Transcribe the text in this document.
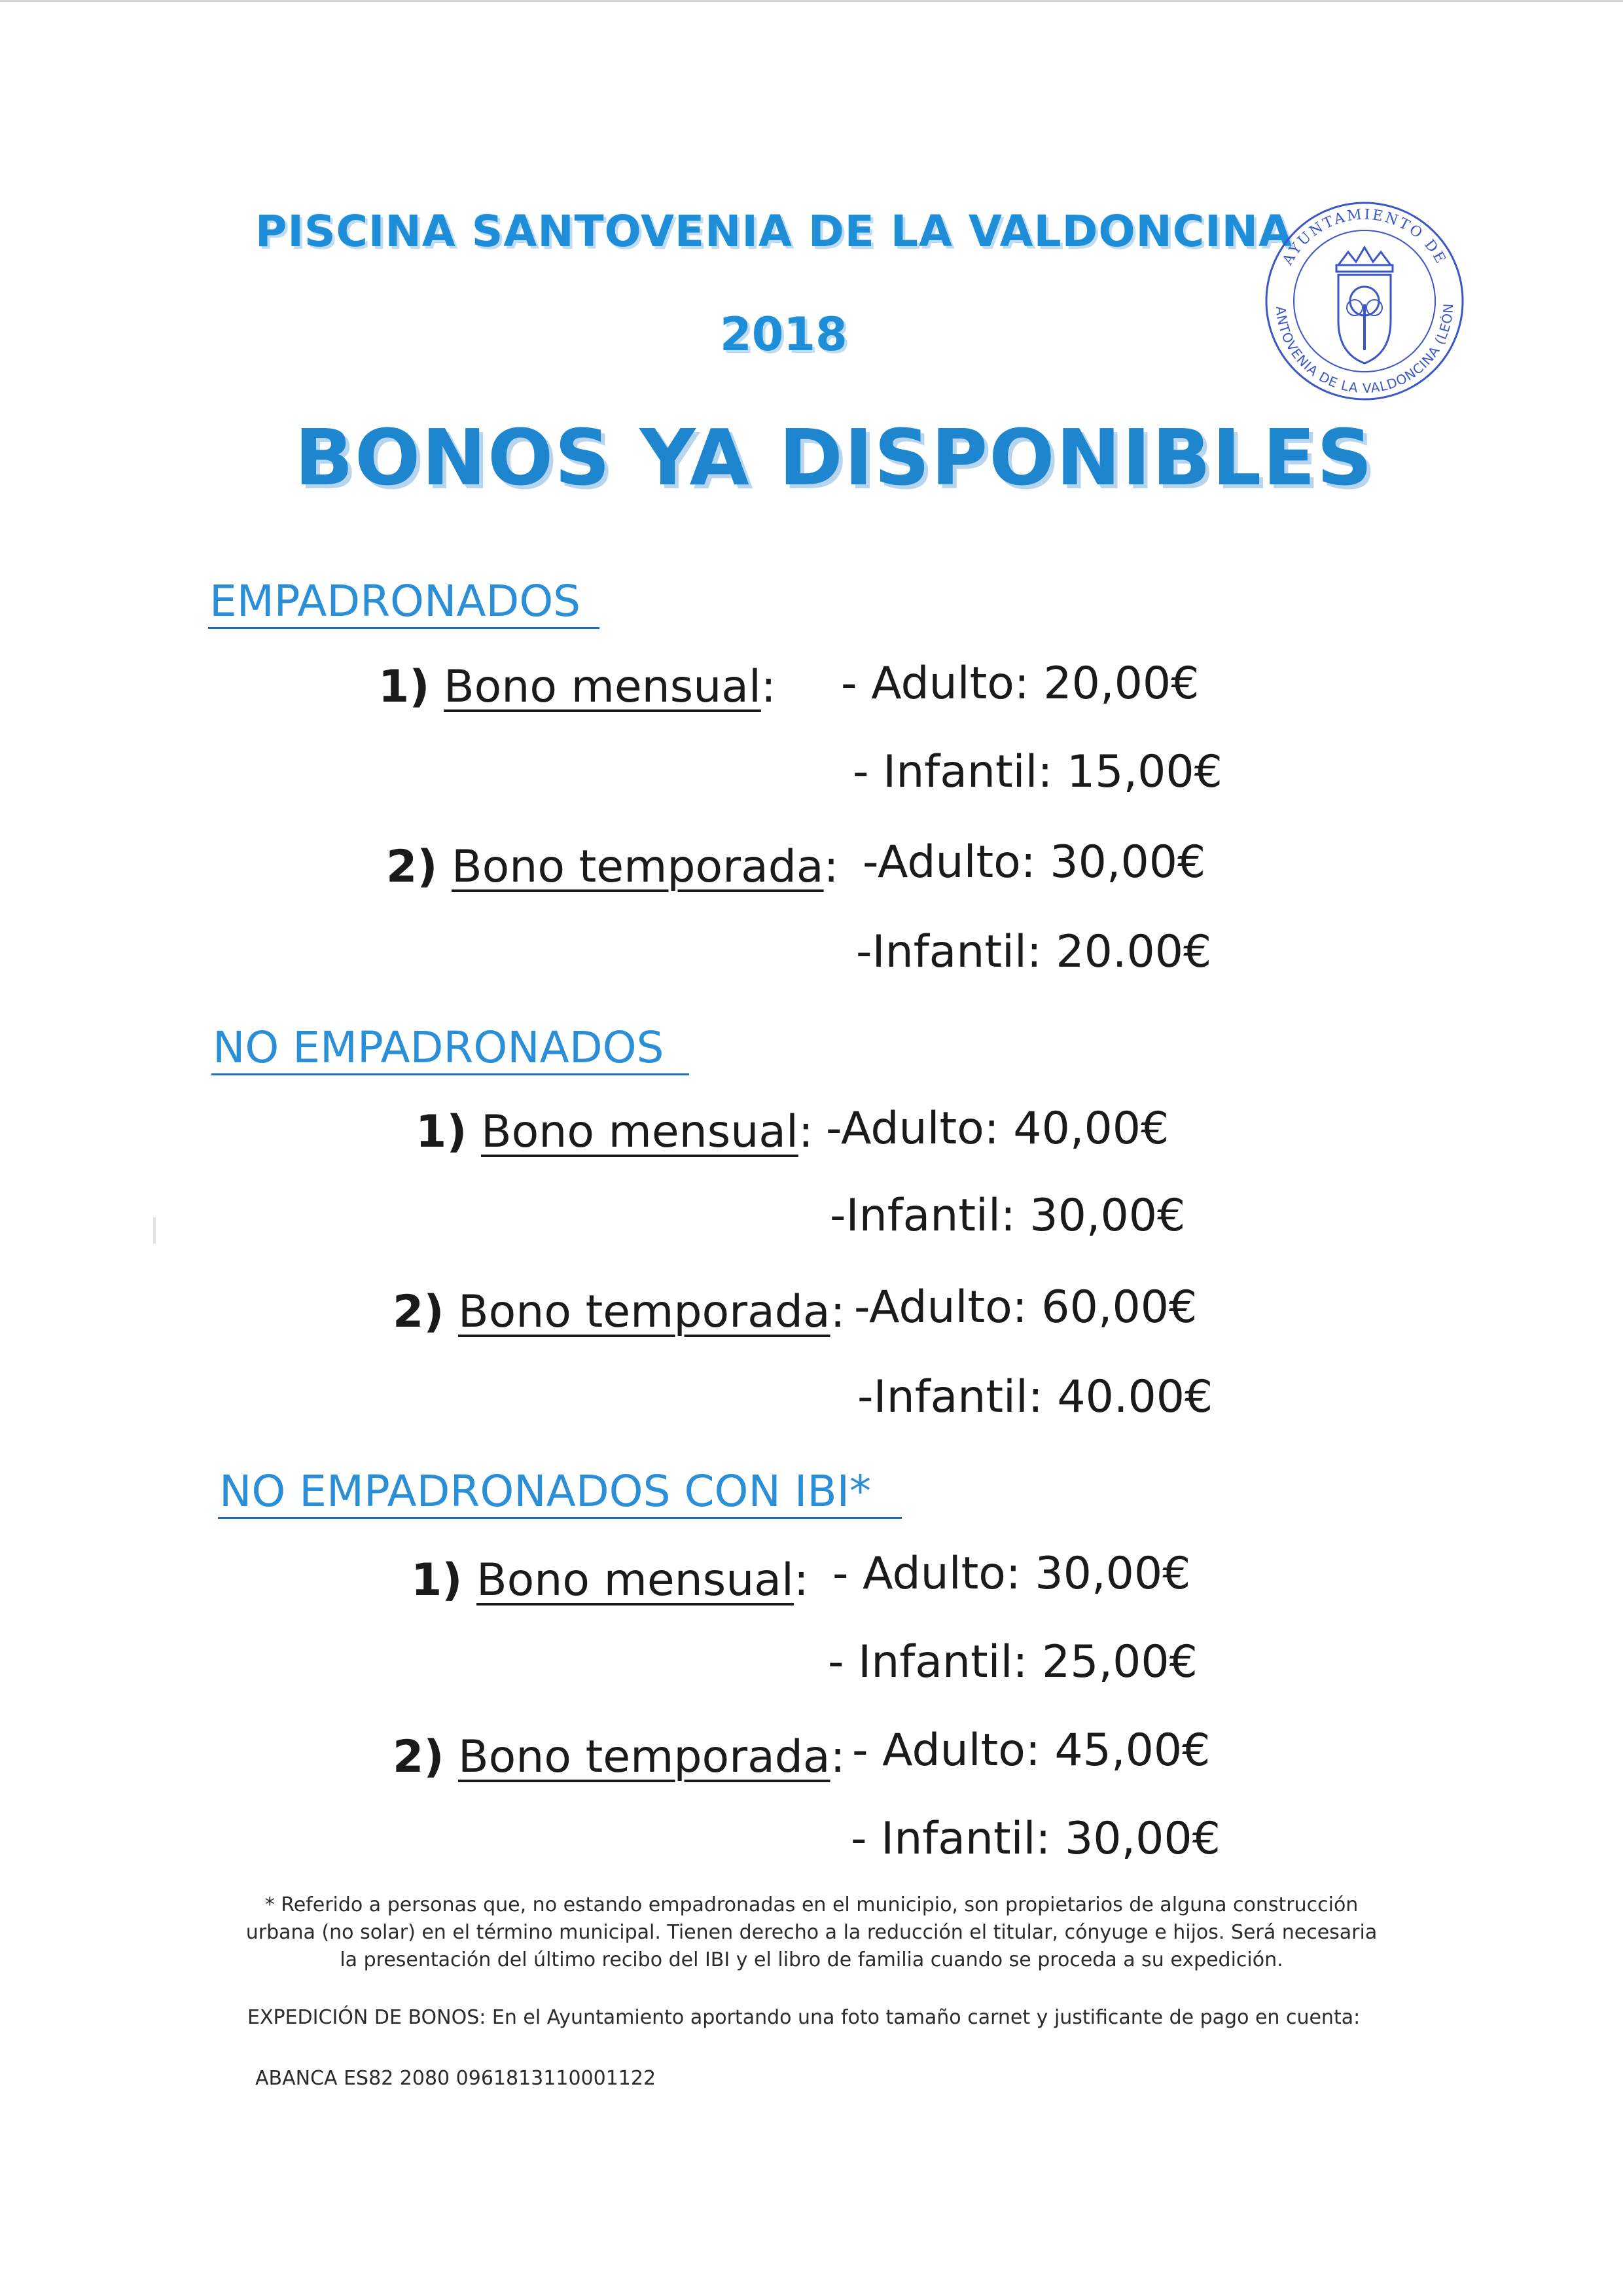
PISCINA SANTOVENIA DE LA VALDONCINA
2018
BONOS YA DISPONIBLES
AYUNTAMIENTO DE
ANTOVENIA DE LA VALDONCINA (LEÓN
EMPADRONADOS
1) Bono mensual: - Adulto: 20,00€
- Infantil: 15,00€
2) Bono temporada: -Adulto: 30,00€
-Infantil: 20.00€
NO EMPADRONADOS
1) Bono mensual: -Adulto: 40,00€
-Infantil: 30,00€
2) Bono temporada: -Adulto: 60,00€
-Infantil: 40.00€
NO EMPADRONADOS CON IBI*
1) Bono mensual: - Adulto: 30,00€
- Infantil: 25,00€
2) Bono temporada: - Adulto: 45,00€
- Infantil: 30,00€
* Referido a personas que, no estando empadronadas en el municipio, son propietarios de alguna construcción
urbana (no solar) en el término municipal. Tienen derecho a la reducción el titular, cónyuge e hijos. Será necesaria
la presentación del último recibo del IBI y el libro de familia cuando se proceda a su expedición.
EXPEDICIÓN DE BONOS: En el Ayuntamiento aportando una foto tamaño carnet y justificante de pago en cuenta:
ABANCA ES82 2080 0961813110001122
